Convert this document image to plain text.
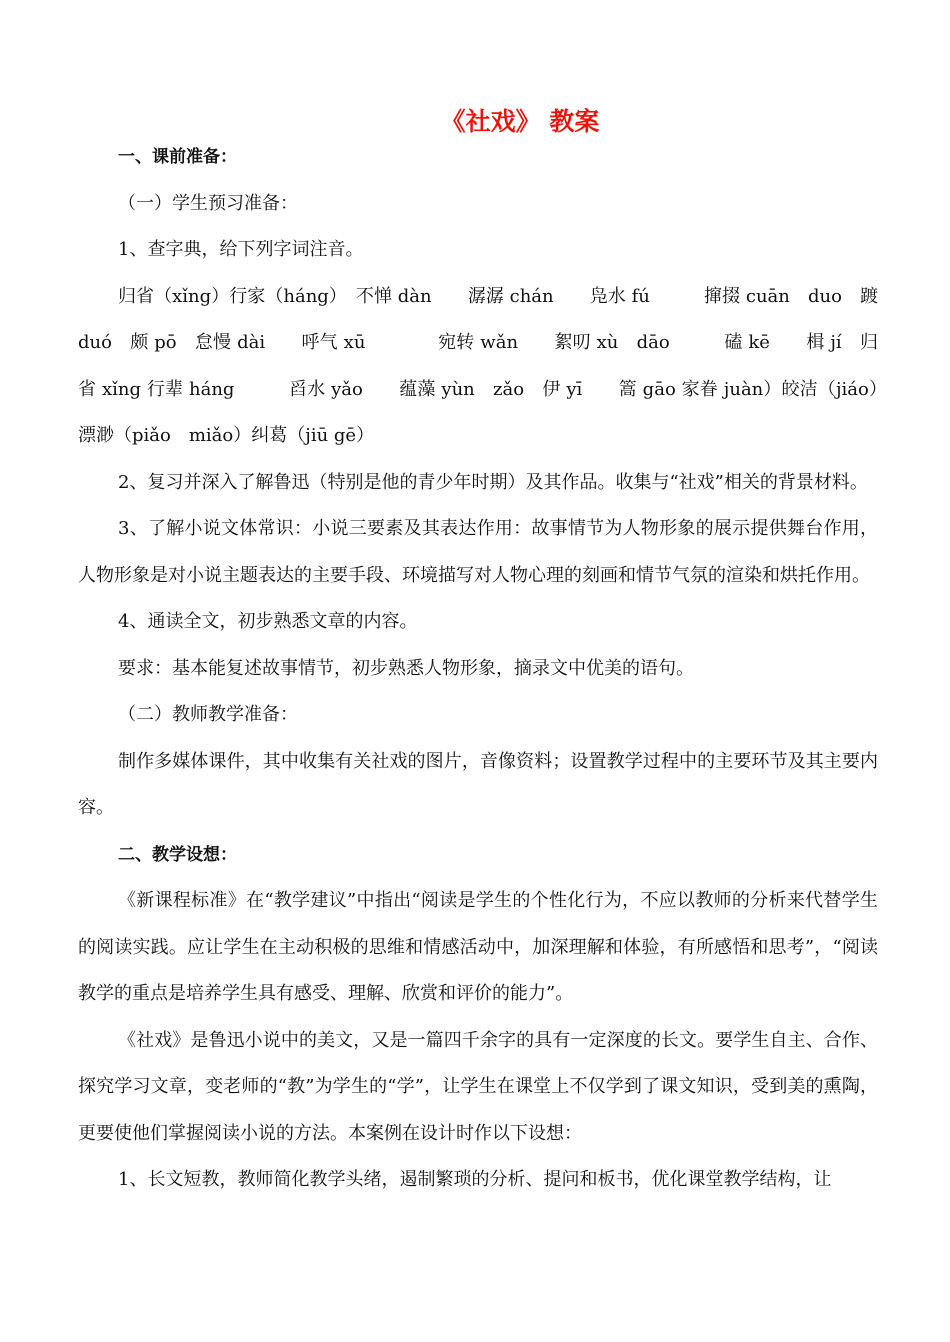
《社戏》 教案

一、课前准备：

（一）学生预习准备：

1、查字典，给下列字词注音。

归省（xǐng）行家（háng）　不惮 dàn　　潺潺 chán　　凫水 fú　　　撺掇 cuān　duo　踱 duó　颇 pō　怠慢 dài　　呼气 xū　　　　宛转 wǎn　　絮叨 xù　dāo　　　磕 kē　　楫 jí　归省 xǐng 行辈 háng　　　舀水 yǎo　　蕴藻 yùn　zǎo　伊 yī　　篙 gāo 家眷 juàn）皎洁（jiáo）漂渺（piǎo　miǎo）纠葛（jiū gē）

2、复习并深入了解鲁迅（特别是他的青少年时期）及其作品。收集与“社戏”相关的背景材料。

3、了解小说文体常识：小说三要素及其表达作用：故事情节为人物形象的展示提供舞台作用，人物形象是对小说主题表达的主要手段、环境描写对人物心理的刻画和情节气氛的渲染和烘托作用。

4、通读全文，初步熟悉文章的内容。

要求：基本能复述故事情节，初步熟悉人物形象，摘录文中优美的语句。

（二）教师教学准备：

制作多媒体课件，其中收集有关社戏的图片，音像资料；设置教学过程中的主要环节及其主要内容。

二、教学设想：

《新课程标准》在“教学建议”中指出“阅读是学生的个性化行为，不应以教师的分析来代替学生的阅读实践。应让学生在主动积极的思维和情感活动中，加深理解和体验，有所感悟和思考”，“阅读教学的重点是培养学生具有感受、理解、欣赏和评价的能力”。

《社戏》是鲁迅小说中的美文，又是一篇四千余字的具有一定深度的长文。要学生自主、合作、探究学习文章，变老师的“教”为学生的“学”，让学生在课堂上不仅学到了课文知识，受到美的熏陶，更要使他们掌握阅读小说的方法。本案例在设计时作以下设想：

1、长文短教，教师简化教学头绪，遏制繁琐的分析、提问和板书，优化课堂教学结构，让
